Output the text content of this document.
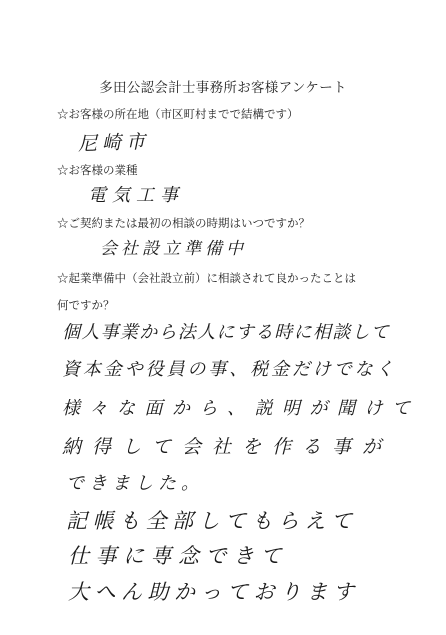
多田公認会計士事務所お客様アンケート
☆お客様の所在地（市区町村までで結構です）
尼崎市
☆お客様の業種
電気工事
☆ご契約または最初の相談の時期はいつですか？
会社設立準備中
☆起業準備中（会社設立前）に相談されて良かったことは
何ですか？
個人事業から法人にする時に相談して
資本金や役員の事、税金だけでなく
様々な面から、説明が聞けて
納得して会社を作る事が
できました。
記帳も全部してもらえて
仕事に専念できて
大へん助かっております
